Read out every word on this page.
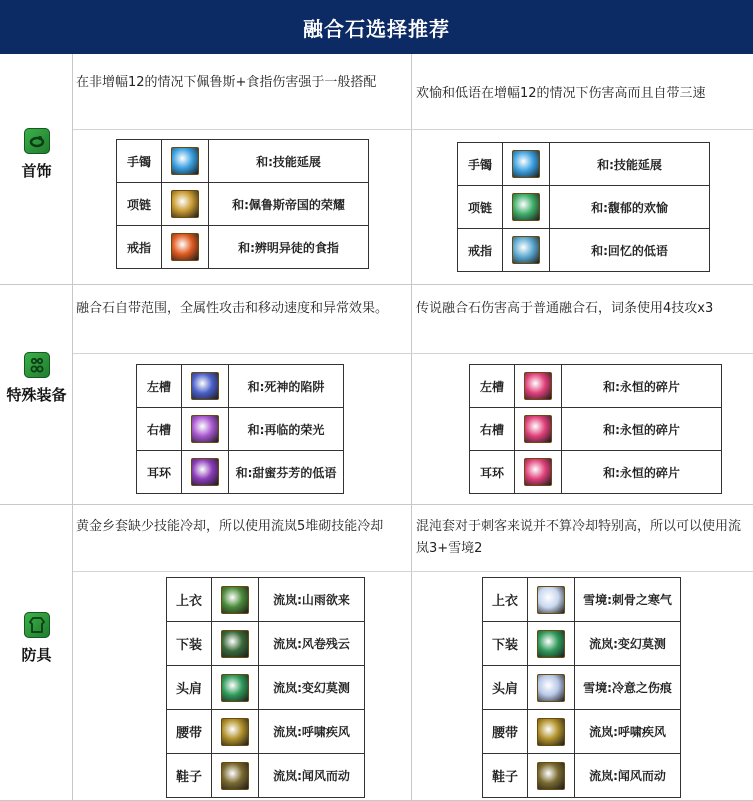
融合石选择推荐
首饰
在非增幅12的情况下佩鲁斯+食指伤害强于一般搭配
欢愉和低语在增幅12的情况下伤害高而且自带三速
手镯		和:技能延展
项链		和:佩鲁斯帝国的荣耀
戒指		和:辨明异徒的食指
手镯		和:技能延展
项链		和:馥郁的欢愉
戒指		和:回忆的低语
特殊装备
融合石自带范围，全属性攻击和移动速度和异常效果。	传说融合石伤害高于普通融合石，词条使用4技攻x3
左槽		和:死神的陷阱
右槽		和:再临的荣光
耳环		和:甜蜜芬芳的低语
左槽		和:永恒的碎片
右槽		和:永恒的碎片
耳环		和:永恒的碎片
防具
黄金乡套缺少技能冷却，所以使用流岚5堆砌技能冷却	混沌套对于刺客来说并不算冷却特别高，所以可以使用流岚3+雪境2
上衣		流岚:山雨欲来
下装		流岚:风卷残云
头肩		流岚:变幻莫测
腰带		流岚:呼啸疾风
鞋子		流岚:闻风而动
上衣		雪境:刺骨之寒气
下装		流岚:变幻莫测
头肩		雪境:冷意之伤痕
腰带		流岚:呼啸疾风
鞋子		流岚:闻风而动
